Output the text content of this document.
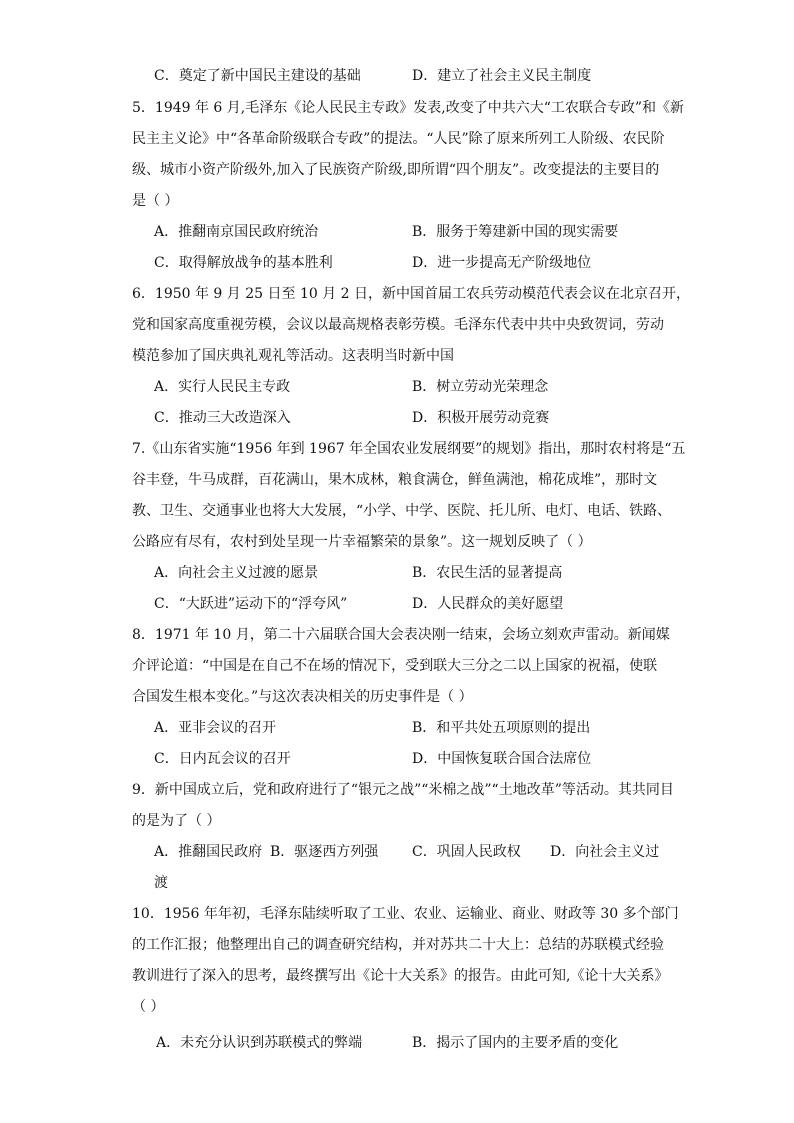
C．奠定了新中国民主建设的基础	D．建立了社会主义民主制度
5．1949 年 6 月,毛泽东《论人民民主专政》发表,改变了中共六大“工农联合专政”和《新
民主主义论》中“各革命阶级联合专政”的提法。“人民”除了原来所列工人阶级、农民阶
级、城市小资产阶级外,加入了民族资产阶级,即所谓“四个朋友”。改变提法的主要目的
是（ ）
A．推翻南京国民政府统治	B．服务于筹建新中国的现实需要
C．取得解放战争的基本胜利	D．进一步提高无产阶级地位
6．1950 年 9 月 25 日至 10 月 2 日，新中国首届工农兵劳动模范代表会议在北京召开，
党和国家高度重视劳模，会议以最高规格表彰劳模。毛泽东代表中共中央致贺词，劳动
模范参加了国庆典礼观礼等活动。这表明当时新中国
A．实行人民民主专政	B．树立劳动光荣理念
C．推动三大改造深入	D．积极开展劳动竞赛
7.《山东省实施“1956 年到 1967 年全国农业发展纲要”的规划》指出，那时农村将是“五
谷丰登，牛马成群，百花满山，果木成林，粮食满仓，鲜鱼满池，棉花成堆”，那时文
教、卫生、交通事业也将大大发展，“小学、中学、医院、托儿所、电灯、电话、铁路、
公路应有尽有，农村到处呈现一片幸福繁荣的景象”。这一规划反映了（ ）
A．向社会主义过渡的愿景	B．农民生活的显著提高
C．“大跃进”运动下的“浮夸风”	D．人民群众的美好愿望
8．1971 年 10 月，第二十六届联合国大会表决刚一结束，会场立刻欢声雷动。新闻媒
介评论道：“中国是在自己不在场的情况下，受到联大三分之二以上国家的祝福，使联
合国发生根本变化。”与这次表决相关的历史事件是（ ）
A．亚非会议的召开	B．和平共处五项原则的提出
C．日内瓦会议的召开	D．中国恢复联合国合法席位
9．新中国成立后，党和政府进行了“银元之战”“米棉之战”“土地改革”等活动。其共同目
的是为了（ ）
A．推翻国民政府 B．驱逐西方列强 C．巩固人民政权 D．向社会主义过
渡
10．1956 年年初，毛泽东陆续听取了工业、农业、运输业、商业、财政等 30 多个部门
的工作汇报；他整理出自己的调查研究结构，并对苏共二十大上：总结的苏联模式经验
教训进行了深入的思考，最终撰写出《论十大关系》的报告。由此可知,《论十大关系》
（ ）
A．未充分认识到苏联模式的弊端	B．揭示了国内的主要矛盾的变化
